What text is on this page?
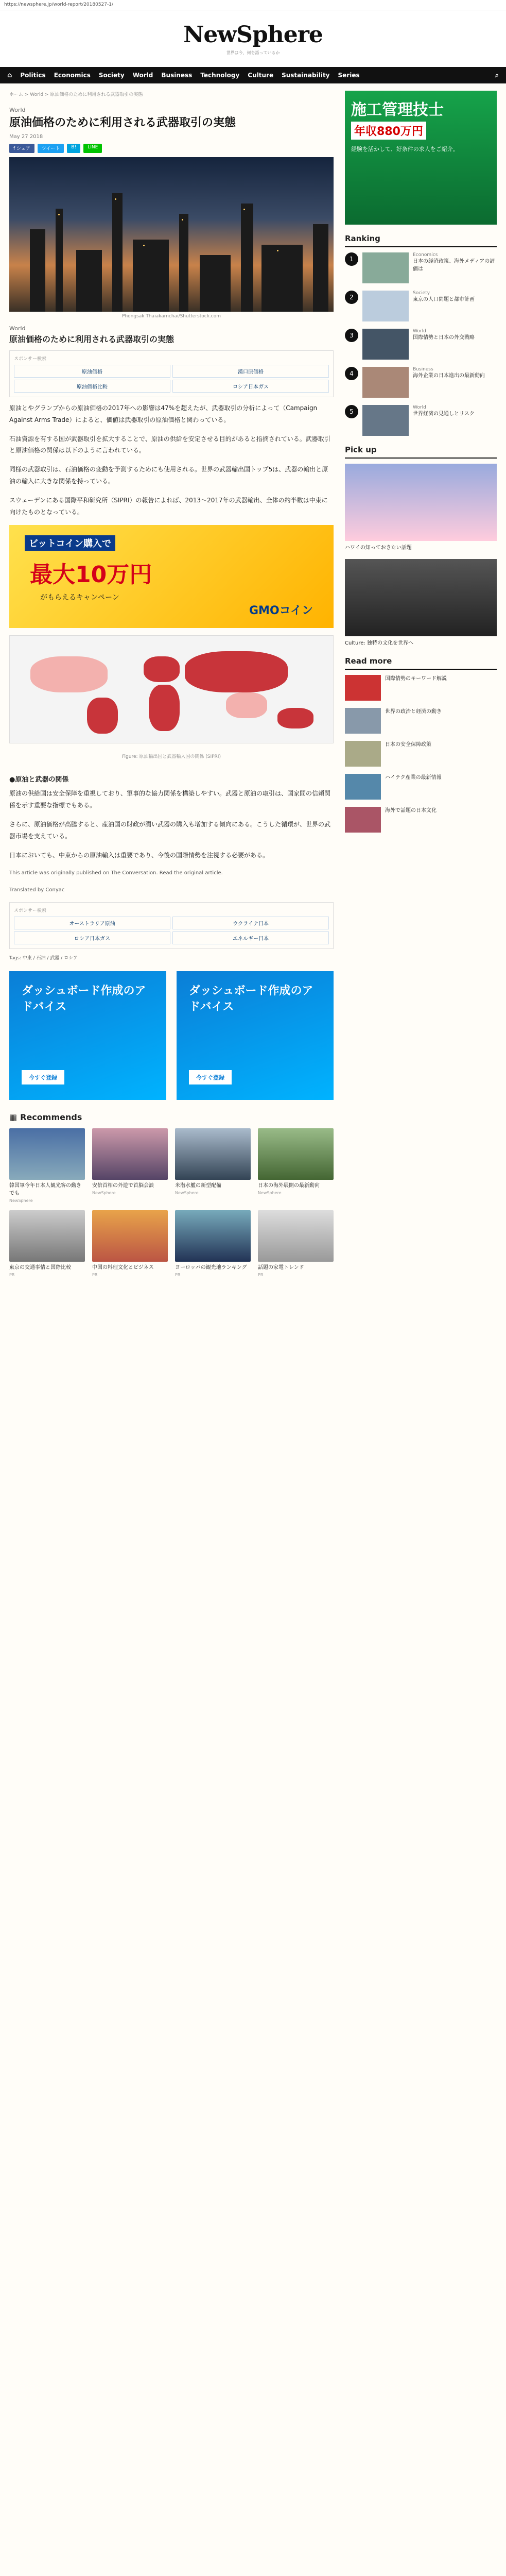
https://newsphere.jp/world-report/20180527-1/
NewSphere
世界は今、何を語っているか
⌂ Politics Economics Society World Business Technology Culture Sustainability Series	⌕
ホーム > World > 原油価格のために利用される武器取引の実態
World
原油価格のために利用される武器取引の実態
May 27 2018
f シェア	ツイート	B!	LINE
Phongsak Thaiakarnchai/Shutterstock.com
World
原油価格のために利用される武器取引の実態
スポンサー検索
原油価格	漢口原価格
原油価格比較	ロシア日本ガス

原油とやグランプからの原油価格の2017年への影響は47%を超えたが、武器取引の分析によって（Campaign Against Arms Trade）によると、価値は武器取引の原油価格と関わっている。

石油資源を有する国が武器取引を拡大することで、原油の供給を安定させる目的があると指摘されている。武器取引と原油価格の関係は以下のように言われている。

同様の武器取引は、石油価格の変動を予測するためにも使用される。世界の武器輸出国トップ5は、武器の輸出と原油の輸入に大きな関係を持っている。

スウェーデンにある国際平和研究所（SIPRI）の報告によれば、2013〜2017年の武器輸出、全体の約半数は中東に向けたものとなっている。

ビットコイン購入で
最大10万円
がもらえるキャンペーン
GMOコイン
Figure: 原油輸出国と武器輸入国の関係 (SIPRI)
●原油と武器の関係

原油の供給国は安全保障を重視しており、軍事的な協力関係を構築しやすい。武器と原油の取引は、国家間の信頼関係を示す重要な指標でもある。

さらに、原油価格が高騰すると、産油国の財政が潤い武器の購入も増加する傾向にある。こうした循環が、世界の武器市場を支えている。

日本においても、中東からの原油輸入は重要であり、今後の国際情勢を注視する必要がある。

This article was originally published on The Conversation. Read the original article.

Translated by Conyac

スポンサー検索
オーストラリア原油	ウクライナ日本
ロシア日本ガス	エネルギー日本
Tags: 中東 / 石油 / 武器 / ロシア
ダッシュボード作成のアドバイス
今すぐ登録
ダッシュボード作成のアドバイス
今すぐ登録
▦ Recommends
韓国軍今年日本人観光客の動きでも
NewSphere
安倍首相の外遊で首脳会談
NewSphere
米潜水艦の新型配備
NewSphere
日本の海外展開の最新動向
NewSphere
東京の交通事情と国際比較
PR
中国の料理文化とビジネス
PR
ヨーロッパの観光地ランキング
PR
話題の家電トレンド
PR
施工管理技士
年収880万円
経験を活かして、好条件の求人をご紹介。
Ranking
1
Economics
日本の経済政策、海外メディアの評価は
2
Society
東京の人口問題と都市計画
3
World
国際情勢と日本の外交戦略
4
Business
海外企業の日本進出の最新動向
5
World
世界経済の見通しとリスク
Pick up
ハワイの知っておきたい話題
Culture: 独特の文化を世界へ
Read more
国際情勢のキーワード解説
世界の政治と経済の動き
日本の安全保障政策
ハイテク産業の最新情報
海外で話題の日本文化
